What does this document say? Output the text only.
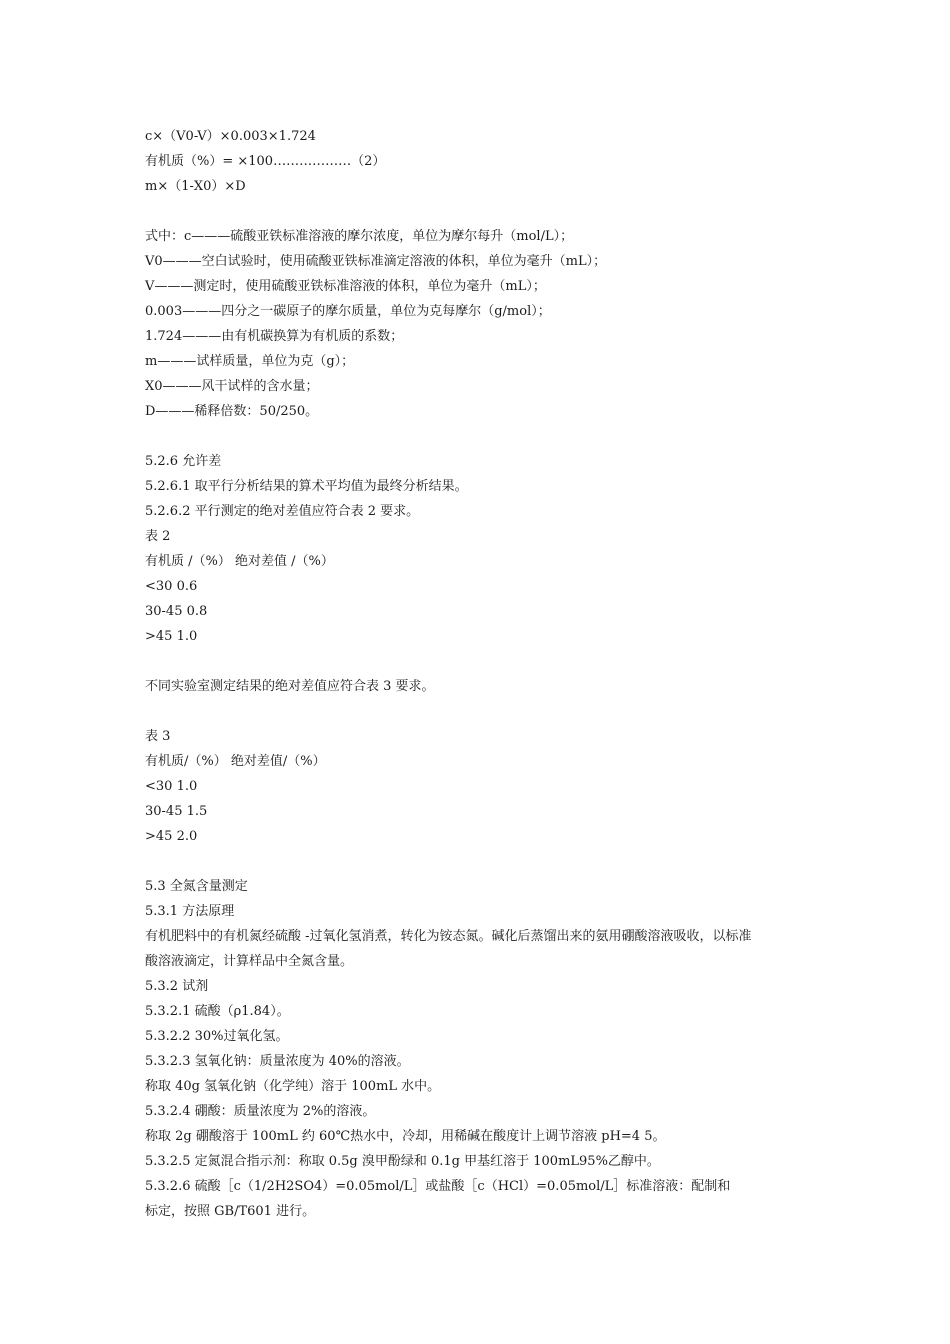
c×（V0-V）×0.003×1.724
有机质（%）= ×100………………（2）
m×（1-X0）×D
式中：c———硫酸亚铁标准溶液的摩尔浓度，单位为摩尔每升（mol/L）；
V0———空白试验时，使用硫酸亚铁标准滴定溶液的体积，单位为毫升（mL）；
V———测定时，使用硫酸亚铁标准溶液的体积，单位为毫升（mL）；
0.003———四分之一碳原子的摩尔质量，单位为克每摩尔（g/mol）；
1.724———由有机碳换算为有机质的系数；
m———试样质量，单位为克（g）；
X0———风干试样的含水量；
D———稀释倍数：50/250。
5.2.6 允许差
5.2.6.1 取平行分析结果的算术平均值为最终分析结果。
5.2.6.2 平行测定的绝对差值应符合表 2 要求。
表 2
有机质 /（%） 绝对差值 /（%）
<30 0.6
30-45 0.8
>45 1.0
不同实验室测定结果的绝对差值应符合表 3 要求。
表 3
有机质/（%） 绝对差值/（%）
<30 1.0
30-45 1.5
>45 2.0
5.3 全氮含量测定
5.3.1 方法原理
有机肥料中的有机氮经硫酸 -过氧化氢消煮，转化为铵态氮。碱化后蒸馏出来的氨用硼酸溶液吸收，以标准
酸溶液滴定，计算样品中全氮含量。
5.3.2 试剂
5.3.2.1 硫酸（ρ1.84）。
5.3.2.2 30%过氧化氢。
5.3.2.3 氢氧化钠：质量浓度为 40%的溶液。
称取 40g 氢氧化钠（化学纯）溶于 100mL 水中。
5.3.2.4 硼酸：质量浓度为 2%的溶液。
称取 2g 硼酸溶于 100mL 约 60℃热水中，冷却，用稀碱在酸度计上调节溶液 pH=4 5。
5.3.2.5 定氮混合指示剂：称取 0.5g 溴甲酚绿和 0.1g 甲基红溶于 100mL95%乙醇中。
5.3.2.6 硫酸［c（1/2H2SO4）=0.05mol/L］或盐酸［c（HCl）=0.05mol/L］标准溶液：配制和
标定，按照 GB/T601 进行。
